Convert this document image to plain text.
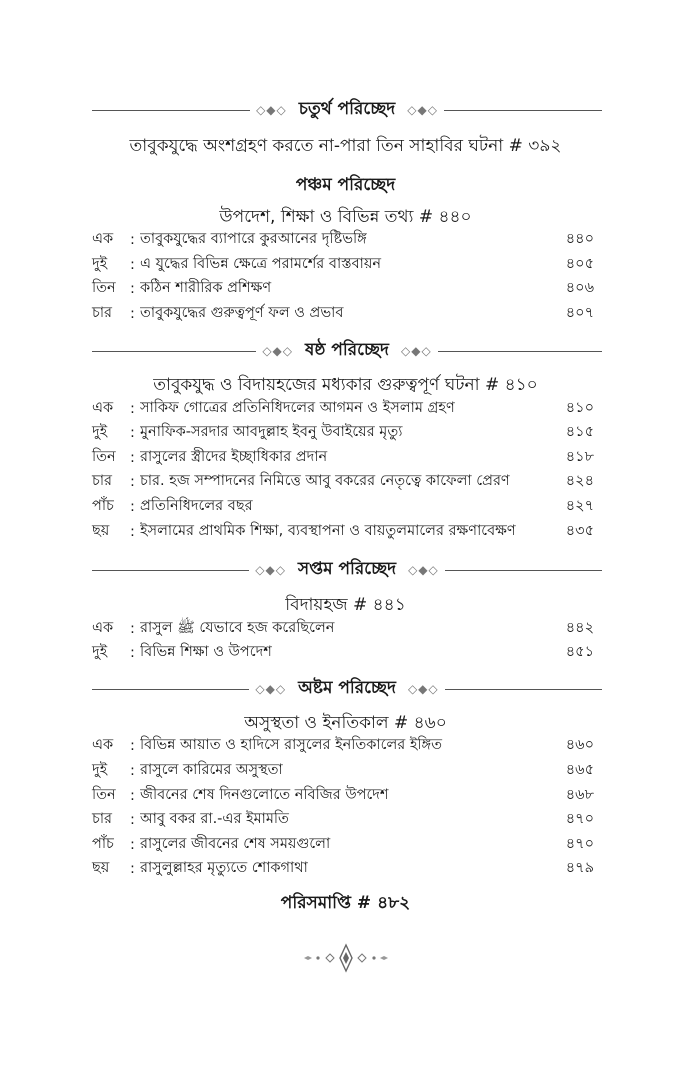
◇◆◇ চতুর্থ পরিচ্ছেদ	◇◆◇
তাবুকযুদ্ধে অংশগ্রহণ করতে না-পারা তিন সাহাবির ঘটনা # ৩৯২
পঞ্চম পরিচ্ছেদ
উপদেশ, শিক্ষা ও বিভিন্ন তথ্য # ৪৪০
এক	: তাবুকযুদ্ধের ব্যাপারে কুরআনের দৃষ্টিভঙ্গি	৪৪০
দুই	: এ যুদ্ধের বিভিন্ন ক্ষেত্রে পরামর্শের বাস্তবায়ন	৪০৫
তিন : কঠিন শারীরিক প্রশিক্ষণ	৪০৬
চার	: তাবুকযুদ্ধের গুরুত্বপূর্ণ ফল ও প্রভাব	৪০৭
◇◆◇ ষষ্ঠ পরিচ্ছেদ	◇◆◇
তাবুকযুদ্ধ ও বিদায়হজের মধ্যকার গুরুত্বপূর্ণ ঘটনা # ৪১০
এক	: সাকিফ গোত্রের প্রতিনিধিদলের আগমন ও ইসলাম গ্রহণ	৪১০
দুই	: মুনাফিক-সরদার আবদুল্লাহ ইবনু উবাইয়ের মৃত্যু	৪১৫
তিন : রাসুলের স্ত্রীদের ইচ্ছাধিকার প্রদান	৪১৮
চার	: চার. হজ সম্পাদনের নিমিত্তে আবু বকরের নেতৃত্বে কাফেলা প্রেরণ	৪২৪
পাঁচ	: প্রতিনিধিদলের বছর	৪২৭
ছয়	: ইসলামের প্রাথমিক শিক্ষা, ব্যবস্থাপনা ও বায়তুলমালের রক্ষণাবেক্ষণ	৪৩৫
◇◆◇ সপ্তম পরিচ্ছেদ	◇◆◇
বিদায়হজ # ৪৪১
এক	: রাসুল ﷺ যেভাবে হজ করেছিলেন	৪৪২
দুই	: বিভিন্ন শিক্ষা ও উপদেশ	৪৫১
◇◆◇ অষ্টম পরিচ্ছেদ	◇◆◇
অসুস্থতা ও ইনতিকাল # ৪৬০
এক	: বিভিন্ন আয়াত ও হাদিসে রাসুলের ইনতিকালের ইঙ্গিত	৪৬০
দুই	: রাসুলে কারিমের অসুস্থতা	৪৬৫
তিন : জীবনের শেষ দিনগুলোতে নবিজির উপদেশ	৪৬৮
চার	: আবু বকর রা.-এর ইমামতি	৪৭০
পাঁচ	: রাসুলের জীবনের শেষ সময়গুলো	৪৭০
ছয়	: রাসুলুল্লাহর মৃত্যুতে শোকগাথা	৪৭৯
পরিসমাপ্তি # ৪৮২
